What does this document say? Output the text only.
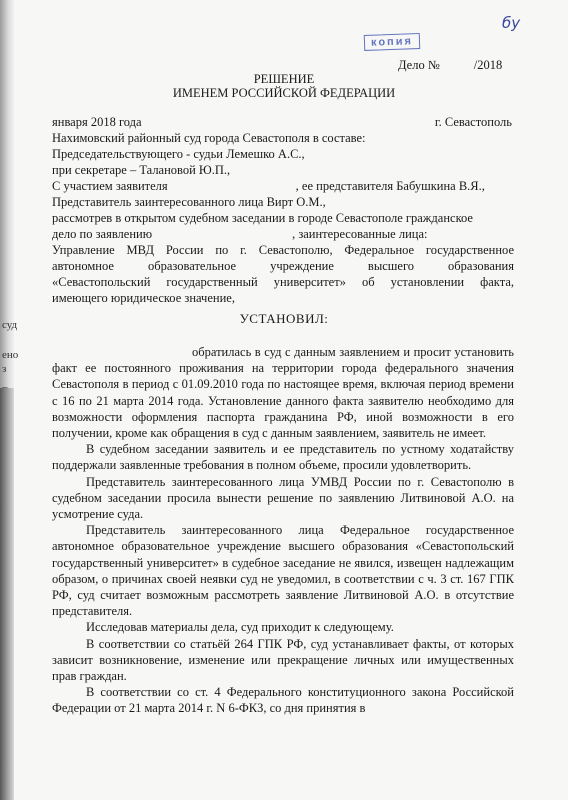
суд
ено
з
–
бу
копия
Дело №	/2018
РЕШЕНИЕ
ИМЕНЕМ РОССИЙСКОЙ ФЕДЕРАЦИИ
января 2018 года	г. Севастополь
Нахимовский районный суд города Севастополя в составе:
Председательствующего - судьи Лемешко А.С.,
при секретаре – Талановой Ю.П.,
С участием заявителя	, ее представителя Бабушкина В.Я.,
Представитель заинтересованного лица Вирт О.М.,
рассмотрев в открытом судебном заседании в городе Севастополе гражданское
дело по заявлению	, заинтересованные лица:
Управление МВД России по г. Севастополю, Федеральное государственное
автономное образовательное учреждение высшего образования
«Севастопольский государственный университет» об установлении факта,
имеющего юридическое значение,
УСТАНОВИЛ:

обратилась в суд с данным заявлением и просит установить факт ее постоянного проживания на территории города федерального значения Севастополя в период с 01.09.2010 года по настоящее время, включая период времени с 16 по 21 марта 2014 года. Установление данного факта заявителю необходимо для возможности оформления паспорта гражданина РФ, иной возможности в его получении, кроме как обращения в суд с данным заявлением, заявитель не имеет.

В судебном заседании заявитель и ее представитель по устному ходатайству поддержали заявленные требования в полном объеме, просили удовлетворить.

Представитель заинтересованного лица УМВД России по г. Севастополю в судебном заседании просила вынести решение по заявлению Литвиновой А.О. на усмотрение суда.

Представитель заинтересованного лица Федеральное государственное автономное образовательное учреждение высшего образования «Севастопольский государственный университет» в судебное заседание не явился, извещен надлежащим образом, о причинах своей неявки суд не уведомил, в соответствии с ч. 3 ст. 167 ГПК РФ, суд считает возможным рассмотреть заявление Литвиновой А.О. в отсутствие представителя.

Исследовав материалы дела, суд приходит к следующему.

В соответствии со статьёй 264 ГПК РФ, суд устанавливает факты, от которых зависит возникновение, изменение или прекращение личных или имущественных прав граждан.

В соответствии со ст. 4 Федерального конституционного закона Российской Федерации от 21 марта 2014 г. N 6-ФКЗ, со дня принятия в
